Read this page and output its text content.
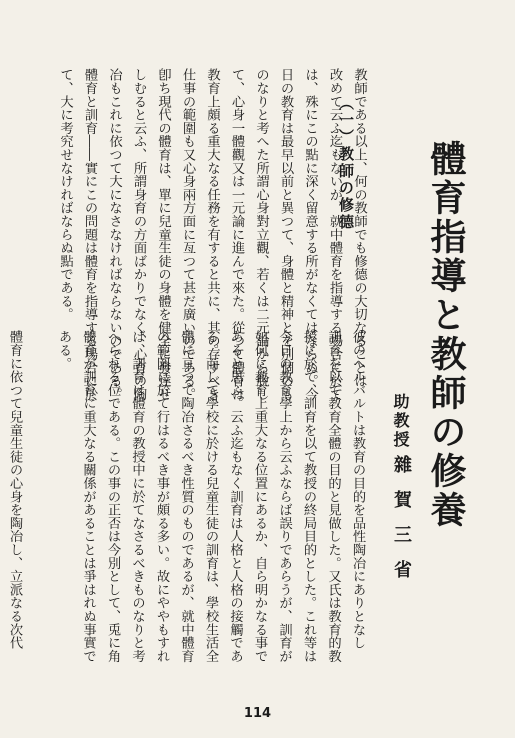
體育指導と教師の修養
助教授
雜賀三省
彼のヘルバルトは教育の目的を品性陶冶にありとなし
訓育を以て教育全體の目的と見做した。又氏は教育的教
授に於て、訓育を以て教授の終局目的とした。これ等は
今日の教育學上から云ふならば誤りであらうが、訓育が
如何に教育上重大なる位置にあるか、自ら明かなる事で
あると思ふ。云ふ迄もなく訓育は人格と人格の接觸であ
る。而して學校に於ける兒童生徒の訓育は、學校生活全
體に亘つて陶冶さるべき性質のものであるが、就中體育
の範圍に於て行はるべき事が頗る多い。故にややもすれ
ば、訓育は體育の教授中に於てなさるべきものなりと考
へられる位である。この事の正否は今別として、兎に角
體育が訓育に重大なる關係があることは爭はれぬ事實で
ある。

體育に依つて兒童生徒の心身を陶冶し、立派なる次代
（一）教師の修德
教師である以上、何の教師でも修德の大切なることは
改めて云ふ迄もないが、就中體育を指導する場合に於て
は、殊にこの點に深く留意する所がなくてはならぬ。今
日の教育は最早以前と異つて、身體と精神とを別個のも
のなりと考へた所謂心身對立觀、若くは二元論から脫し
て、心身一體觀又は一元論に進んで來た。從つて體育は
教育上頗る重大なる任務を有すると共に、其の存すべき
仕事の範圍も又心身兩方面に亙つて甚だ廣いのである。
卽ち現代の體育は、單に兒童生徒の身體を健全に發達せ
しむると云ふ、所謂身育の方面ばかりでなく、心育の陶
冶もこれに依つて大になさなければならないのである。
體育と訓育――實にこの問題は體育を指導する場合に於
て、大に考究せなければならぬ點である。
114
